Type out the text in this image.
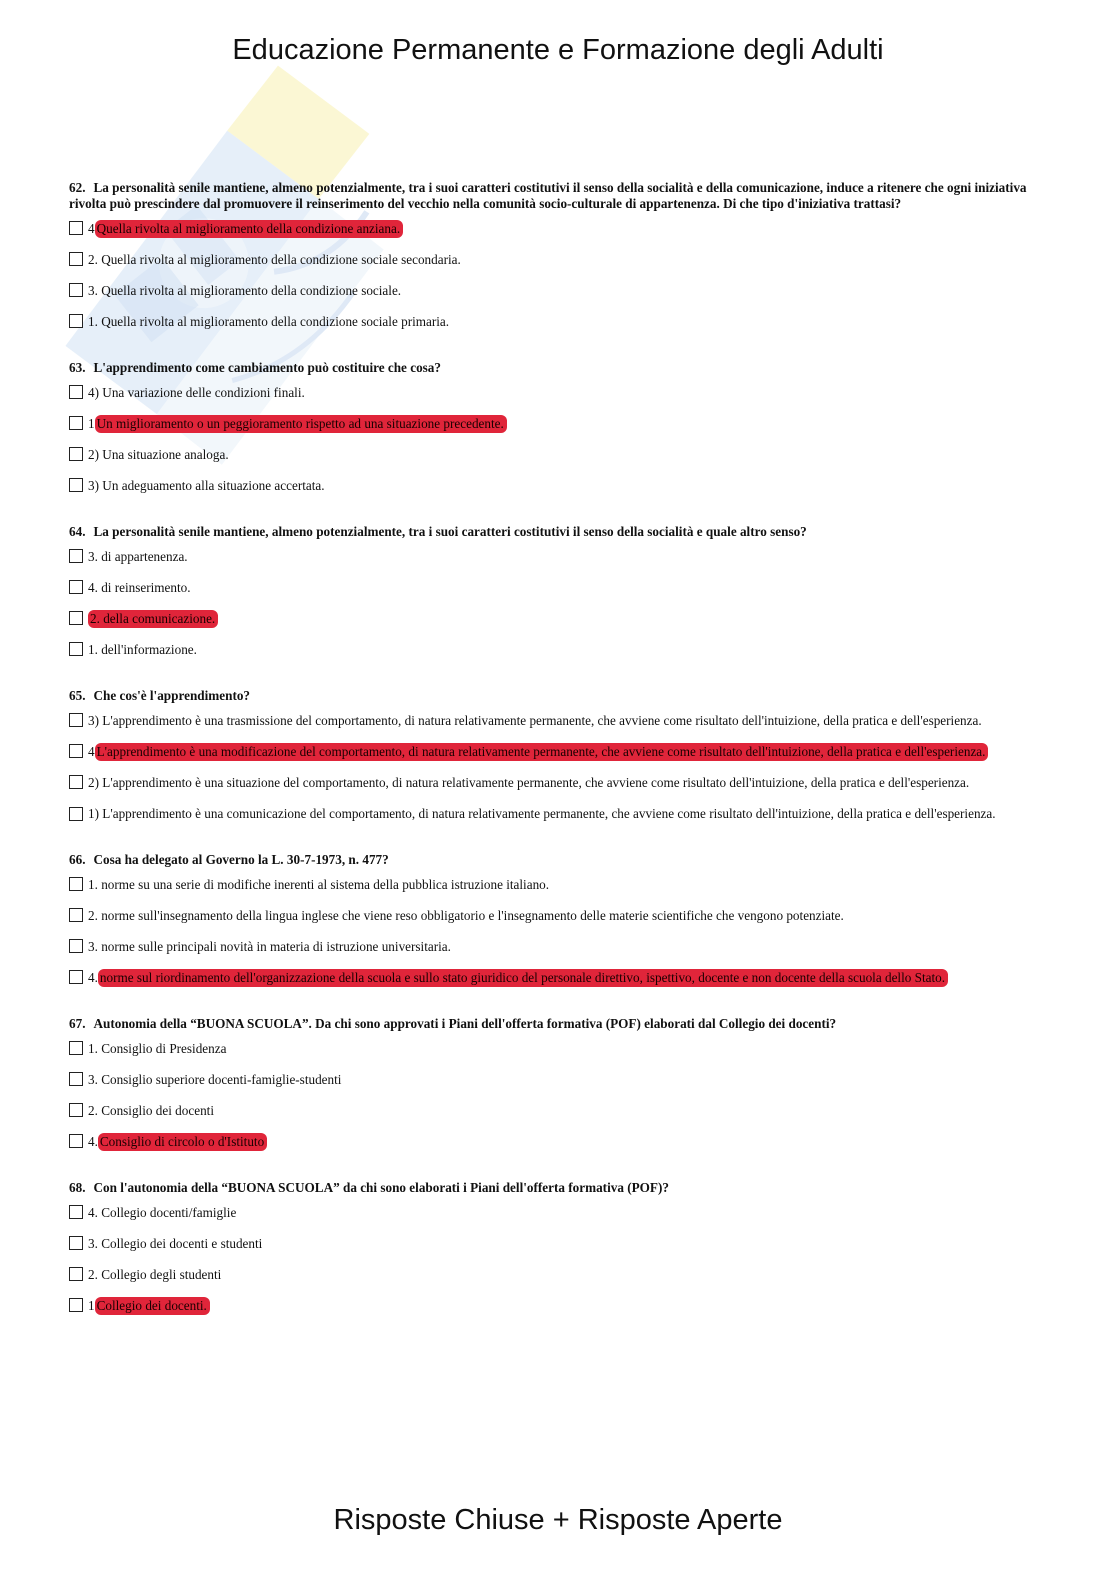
Educazione Permanente e Formazione degli Adulti
62. La personalità senile mantiene, almeno potenzialmente, tra i suoi caratteri costitutivi il senso della socialità e della comunicazione, induce a ritenere che ogni iniziativa rivolta può prescindere dal promuovere il reinserimento del vecchio nella comunità socio-culturale di appartenenza. Di che tipo d'iniziativa trattasi?
4 Quella rivolta al miglioramento della condizione anziana.
2. Quella rivolta al miglioramento della condizione sociale secondaria.
3. Quella rivolta al miglioramento della condizione sociale.
1. Quella rivolta al miglioramento della condizione sociale primaria.
63. L'apprendimento come cambiamento può costituire che cosa?
4) Una variazione delle condizioni finali.
1 Un miglioramento o un peggioramento rispetto ad una situazione precedente.
2) Una situazione analoga.
3) Un adeguamento alla situazione accertata.
64. La personalità senile mantiene, almeno potenzialmente, tra i suoi caratteri costitutivi il senso della socialità e quale altro senso?
3. di appartenenza.
4. di reinserimento.
2. della comunicazione.
1. dell'informazione.
65. Che cos'è l'apprendimento?
3) L'apprendimento è una trasmissione del comportamento, di natura relativamente permanente, che avviene come risultato dell'intuizione, della pratica e dell'esperienza.
4 L'apprendimento è una modificazione del comportamento, di natura relativamente permanente, che avviene come risultato dell'intuizione, della pratica e dell'esperienza.
2) L'apprendimento è una situazione del comportamento, di natura relativamente permanente, che avviene come risultato dell'intuizione, della pratica e dell'esperienza.
1) L'apprendimento è una comunicazione del comportamento, di natura relativamente permanente, che avviene come risultato dell'intuizione, della pratica e dell'esperienza.
66. Cosa ha delegato al Governo la L. 30-7-1973, n. 477?
1. norme su una serie di modifiche inerenti al sistema della pubblica istruzione italiano.
2. norme sull'insegnamento della lingua inglese che viene reso obbligatorio e l'insegnamento delle materie scientifiche che vengono potenziate.
3. norme sulle principali novità in materia di istruzione universitaria.
4. norme sul riordinamento dell'organizzazione della scuola e sullo stato giuridico del personale direttivo, ispettivo, docente e non docente della scuola dello Stato.
67. Autonomia della “BUONA SCUOLA”. Da chi sono approvati i Piani dell'offerta formativa (POF) elaborati dal Collegio dei docenti?
1. Consiglio di Presidenza
3. Consiglio superiore docenti-famiglie-studenti
2. Consiglio dei docenti
4. Consiglio di circolo o d'Istituto
68. Con l'autonomia della “BUONA SCUOLA” da chi sono elaborati i Piani dell'offerta formativa (POF)?
4. Collegio docenti/famiglie
3. Collegio dei docenti e studenti
2. Collegio degli studenti
1 Collegio dei docenti.
Risposte Chiuse + Risposte Aperte
